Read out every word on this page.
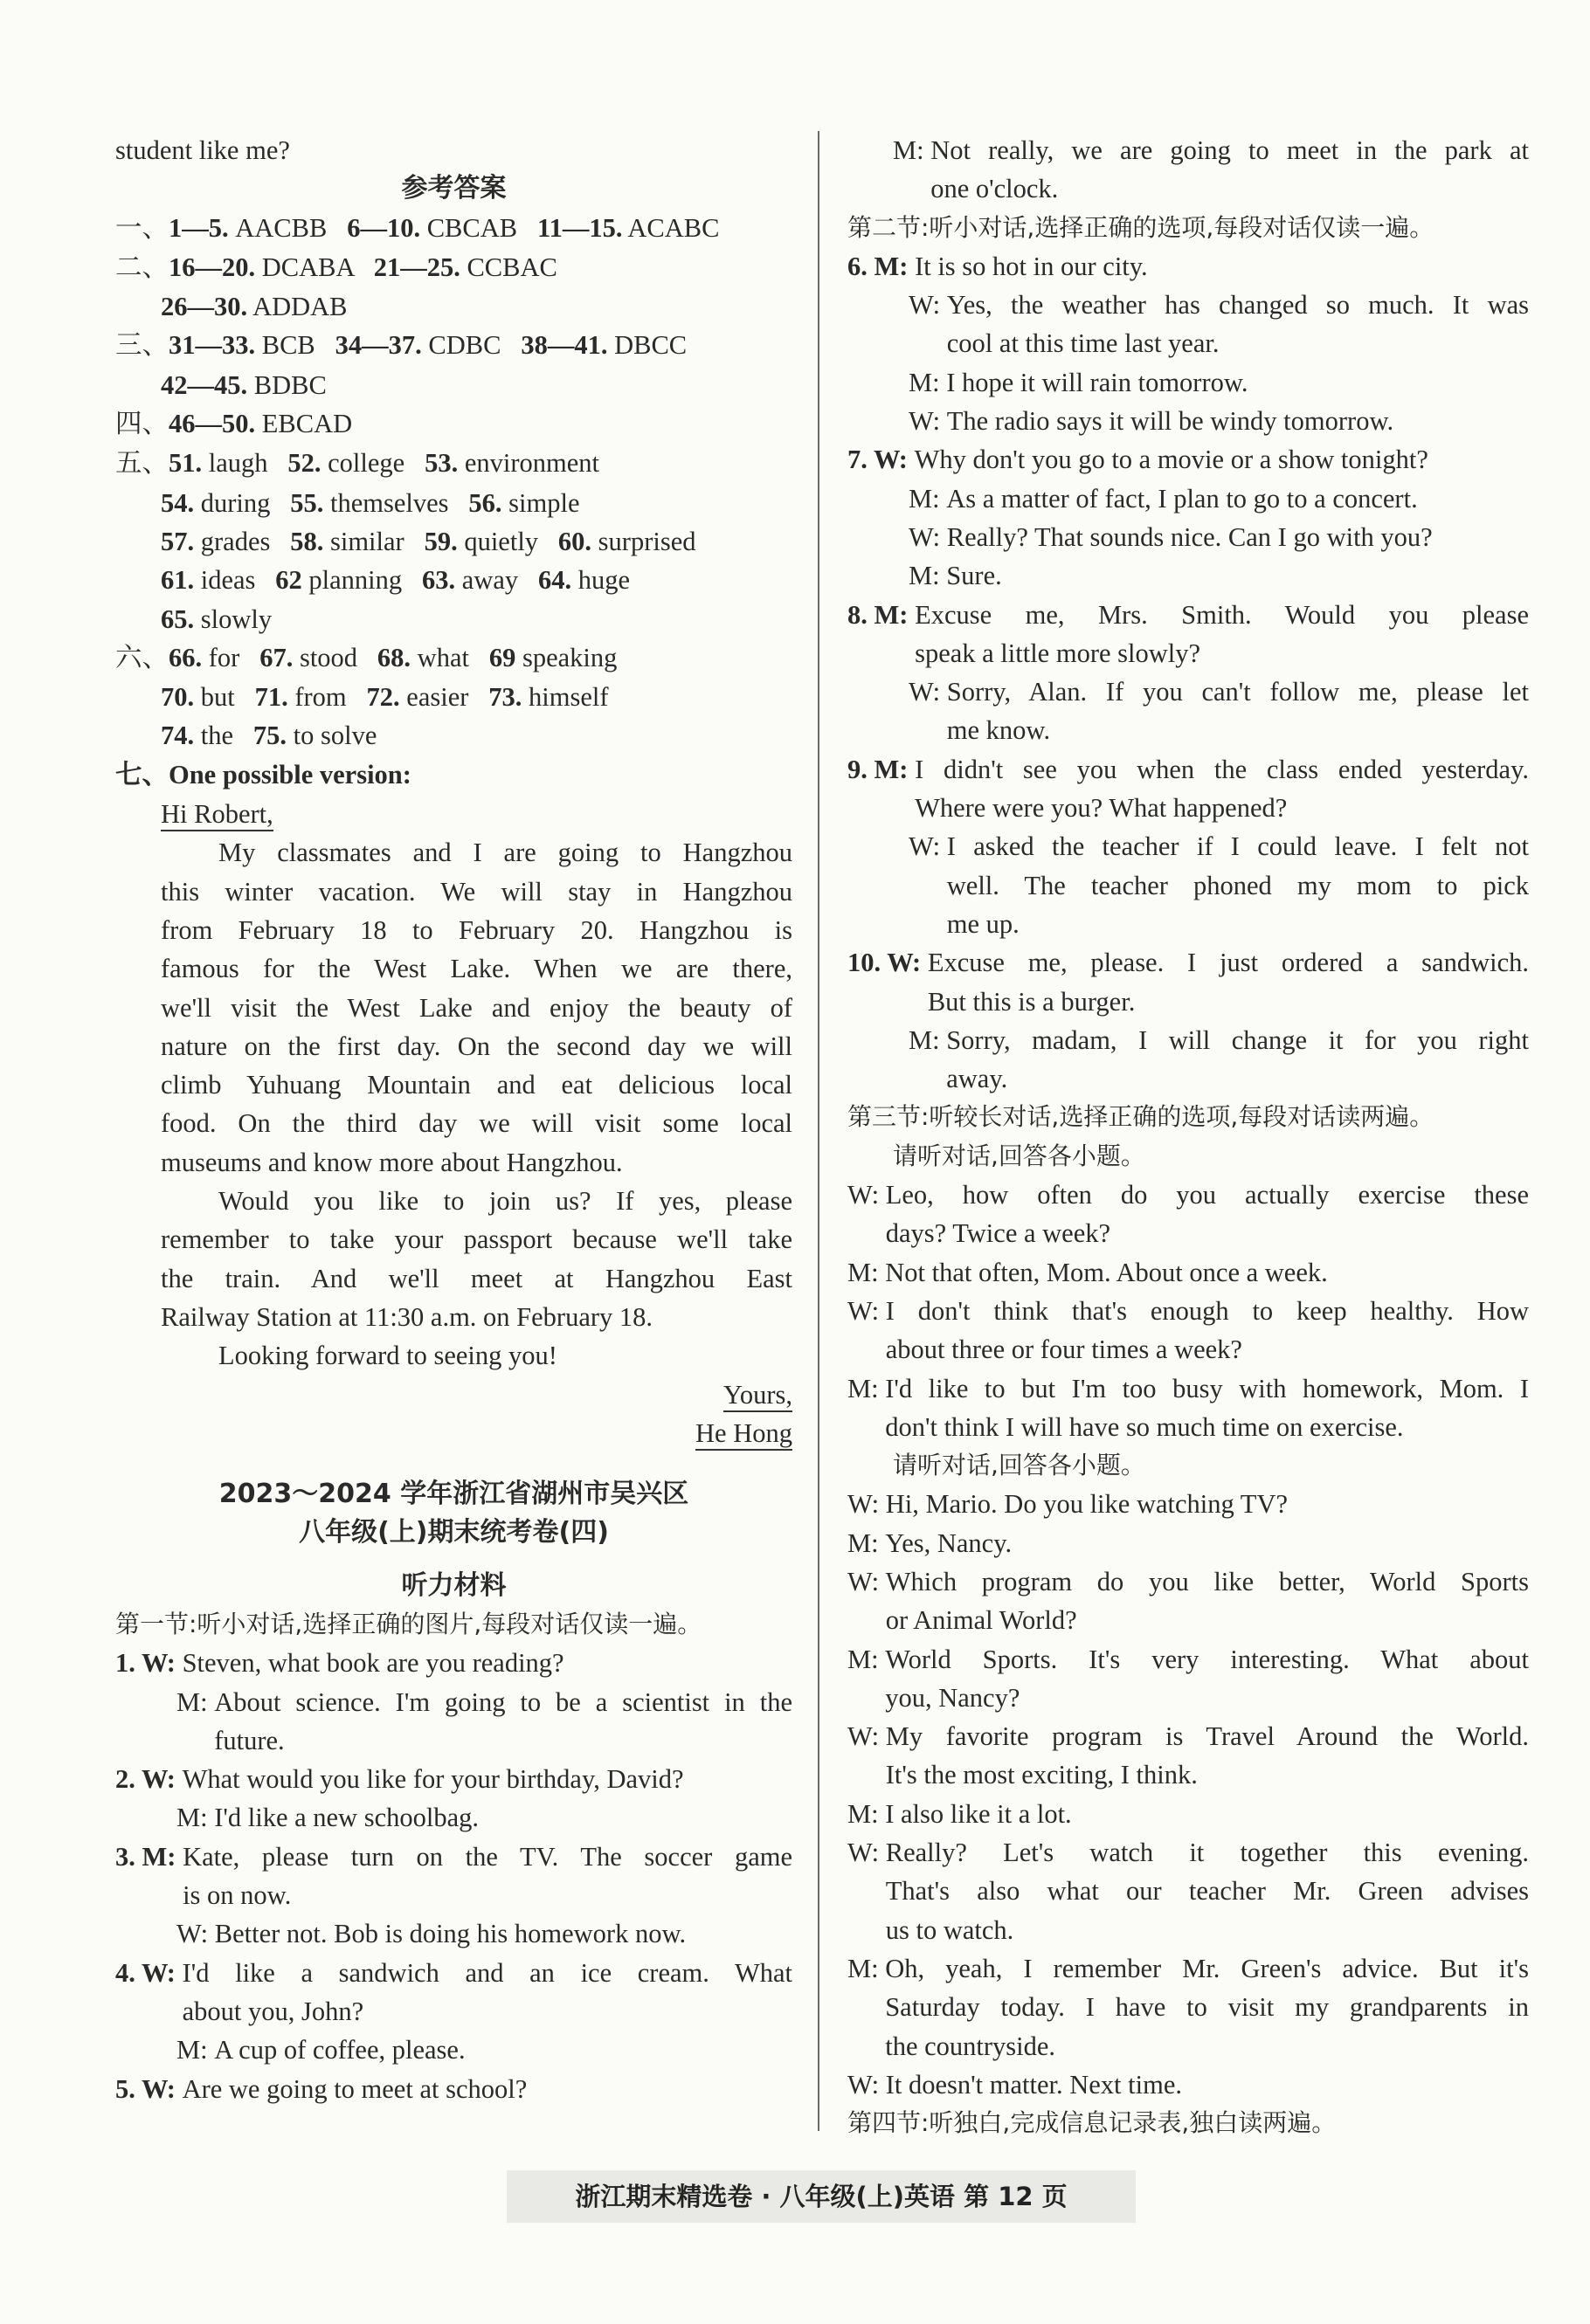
student like me?
参考答案
一、1—5. AACBB   6—10. CBCAB   11—15. ACABC
二、16—20. DCABA   21—25. CCBAC
26—30. ADDAB
三、31—33. BCB   34—37. CDBC   38—41. DBCC
42—45. BDBC
四、46—50. EBCAD
五、51. laugh   52. college   53. environment
54. during   55. themselves   56. simple
57. grades   58. similar   59. quietly   60. surprised
61. ideas   62 planning   63. away   64. huge
65. slowly
六、66. for   67. stood   68. what   69 speaking
70. but   71. from   72. easier   73. himself
74. the   75. to solve
七、One possible version:
Hi Robert,
My classmates and I are going to Hangzhou
this winter vacation. We will stay in Hangzhou
from February 18 to February 20. Hangzhou is
famous for the West Lake. When we are there,
we'll visit the West Lake and enjoy the beauty of
nature on the first day. On the second day we will
climb Yuhuang Mountain and eat delicious local
food. On the third day we will visit some local
museums and know more about Hangzhou.
Would you like to join us? If yes, please
remember to take your passport because we'll take
the train. And we'll meet at Hangzhou East
Railway Station at 11:30 a.m. on February 18.
Looking forward to seeing you!
Yours,
He Hong
2023～2024 学年浙江省湖州市吴兴区
八年级(上)期末统考卷(四)
听力材料
第一节:听小对话,选择正确的图片,每段对话仅读一遍。
1. W: Steven, what book are you reading?
M: About science. I'm going to be a scientist in the
future.
2. W: What would you like for your birthday, David?
M: I'd like a new schoolbag.
3. M: Kate, please turn on the TV. The soccer game
is on now.
W: Better not. Bob is doing his homework now.
4. W: I'd like a sandwich and an ice cream. What
about you, John?
M: A cup of coffee, please.
5. W: Are we going to meet at school?
M: Not really, we are going to meet in the park at
one o'clock.
第二节:听小对话,选择正确的选项,每段对话仅读一遍。
6. M: It is so hot in our city.
W: Yes, the weather has changed so much. It was
cool at this time last year.
M: I hope it will rain tomorrow.
W: The radio says it will be windy tomorrow.
7. W: Why don't you go to a movie or a show tonight?
M: As a matter of fact, I plan to go to a concert.
W: Really? That sounds nice. Can I go with you?
M: Sure.
8. M: Excuse me, Mrs. Smith. Would you please
speak a little more slowly?
W: Sorry, Alan. If you can't follow me, please let
me know.
9. M: I didn't see you when the class ended yesterday.
Where were you? What happened?
W: I asked the teacher if I could leave. I felt not
well. The teacher phoned my mom to pick
me up.
10. W: Excuse me, please. I just ordered a sandwich.
But this is a burger.
M: Sorry, madam, I will change it for you right
away.
第三节:听较长对话,选择正确的选项,每段对话读两遍。
请听对话,回答各小题。
W: Leo, how often do you actually exercise these
days? Twice a week?
M: Not that often, Mom. About once a week.
W: I don't think that's enough to keep healthy. How
about three or four times a week?
M: I'd like to but I'm too busy with homework, Mom. I
don't think I will have so much time on exercise.
请听对话,回答各小题。
W: Hi, Mario. Do you like watching TV?
M: Yes, Nancy.
W: Which program do you like better, World Sports
or Animal World?
M: World Sports. It's very interesting. What about
you, Nancy?
W: My favorite program is Travel Around the World.
It's the most exciting, I think.
M: I also like it a lot.
W: Really? Let's watch it together this evening.
That's also what our teacher Mr. Green advises
us to watch.
M: Oh, yeah, I remember Mr. Green's advice. But it's
Saturday today. I have to visit my grandparents in
the countryside.
W: It doesn't matter. Next time.
第四节:听独白,完成信息记录表,独白读两遍。
浙江期末精选卷 · 八年级(上)英语 第 12 页
